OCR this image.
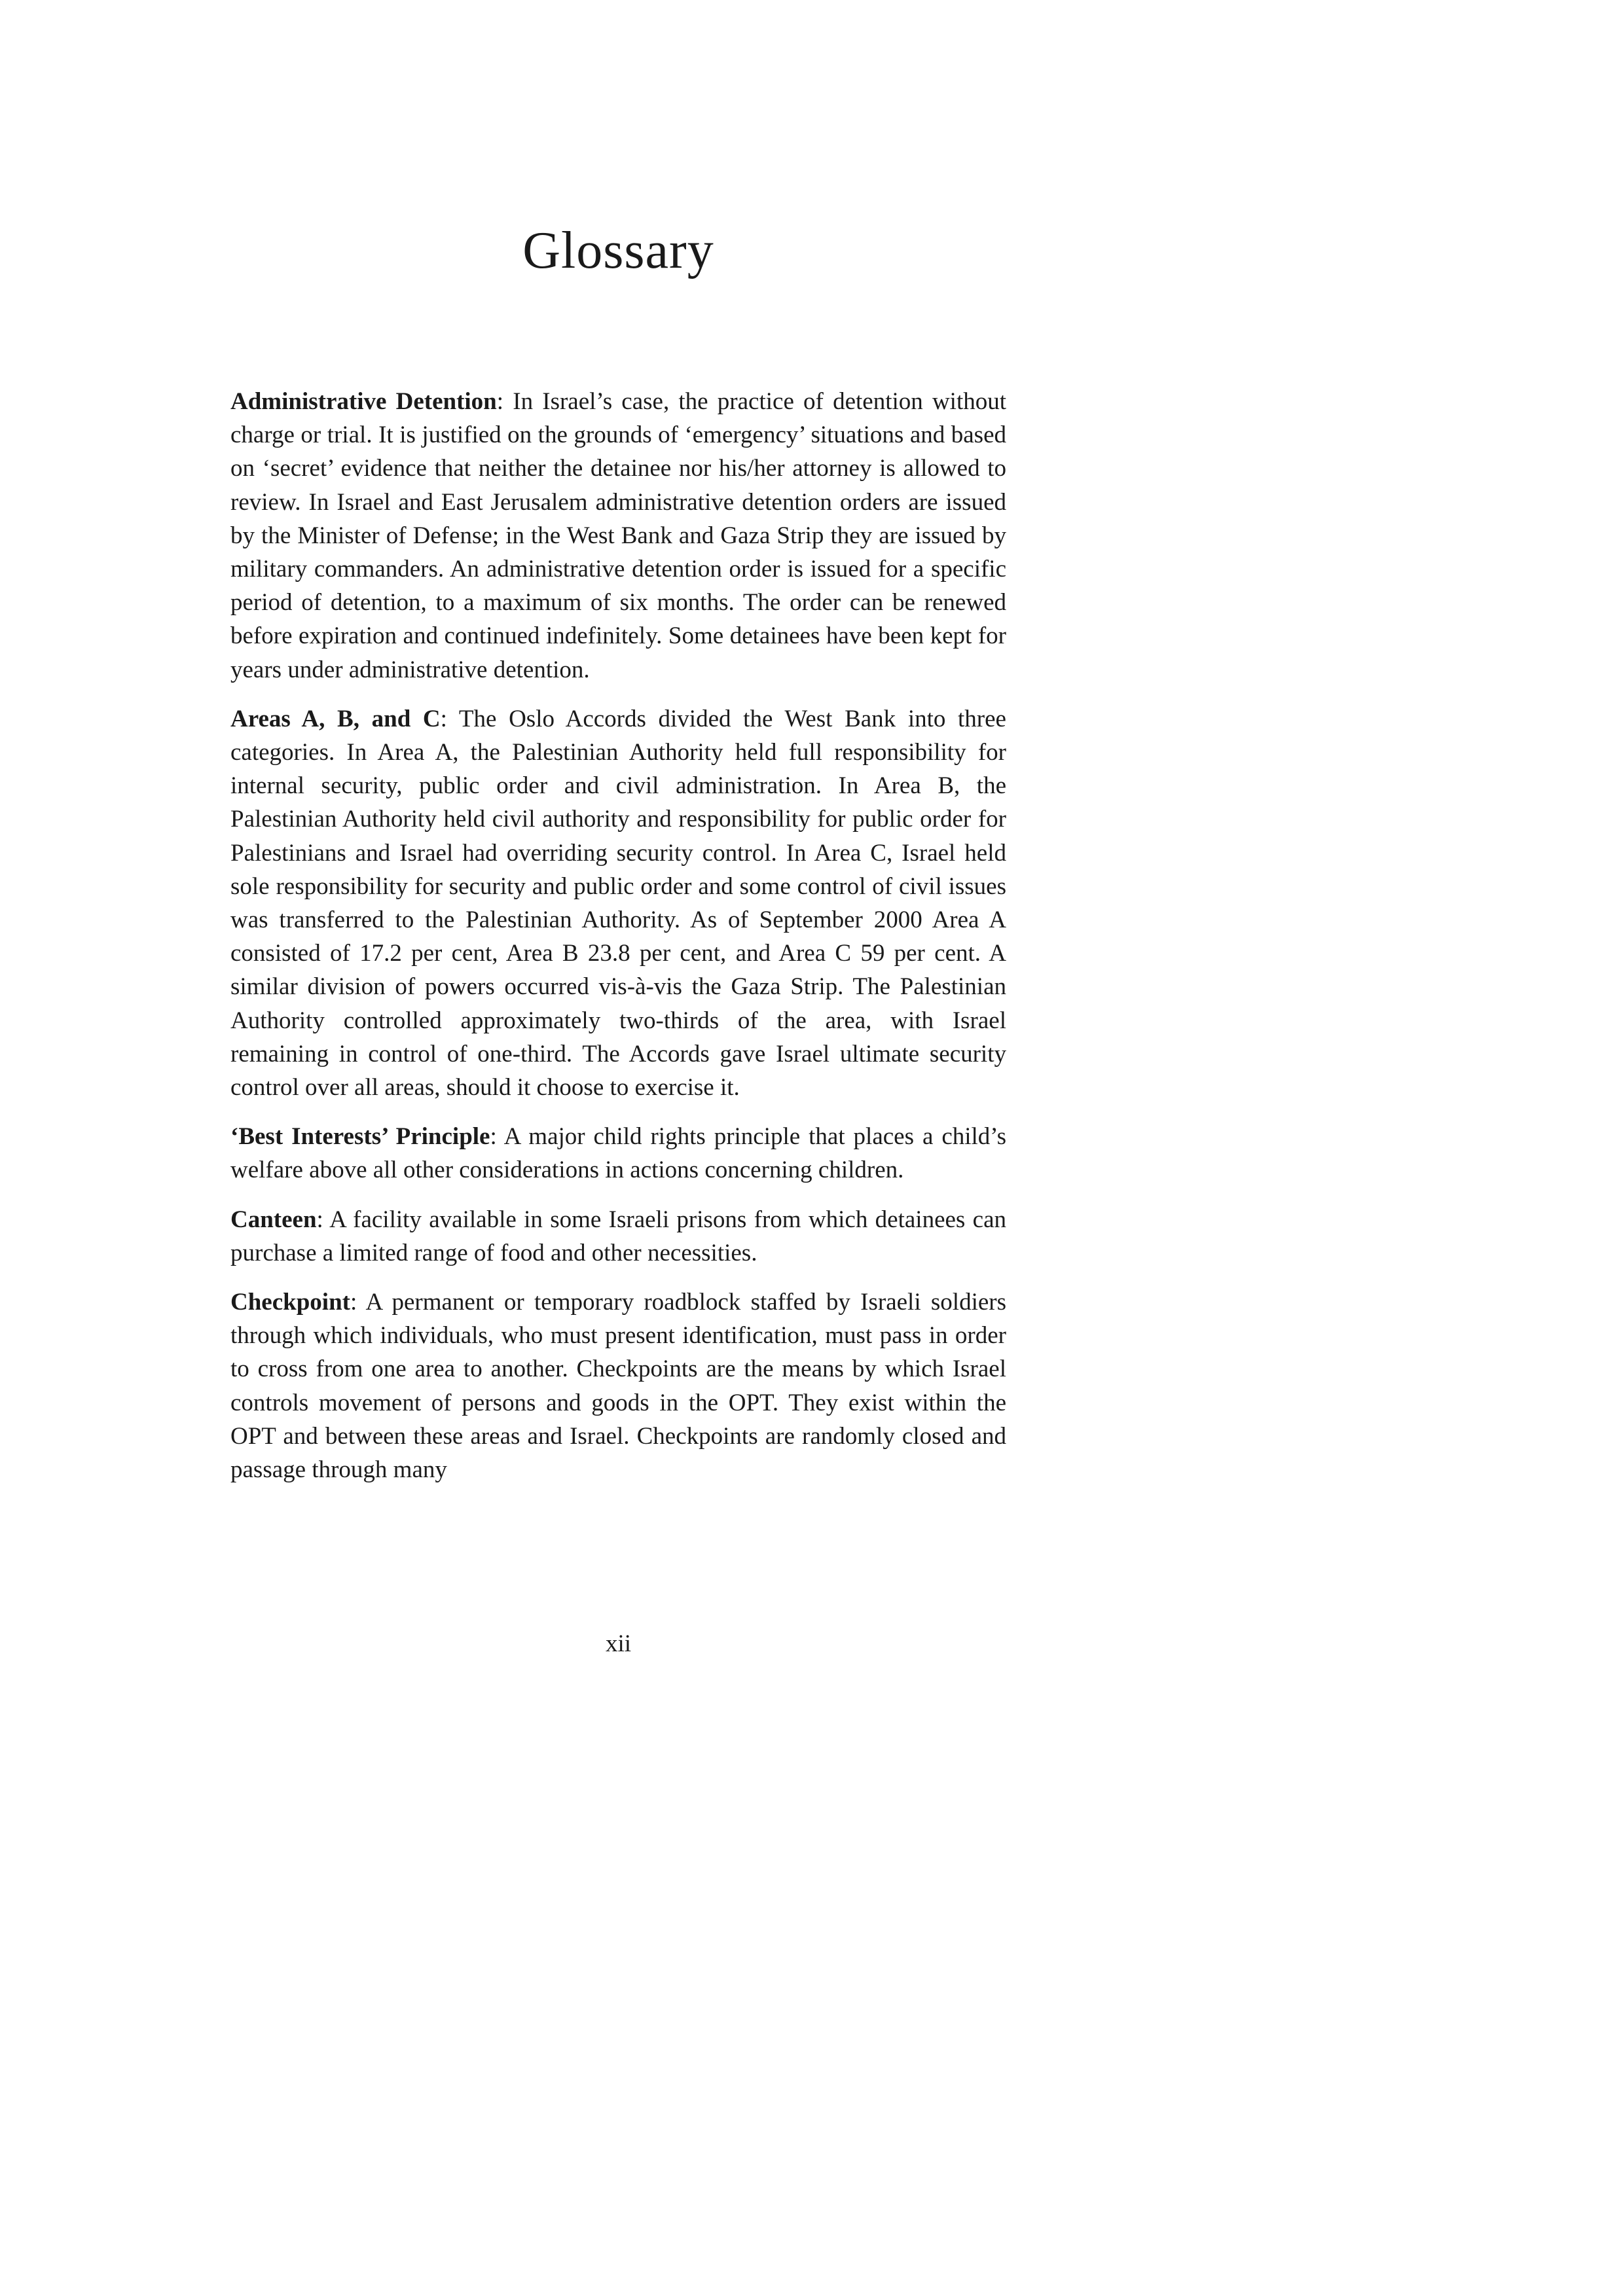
Glossary

Administrative Detention: In Israel’s case, the practice of detention without charge or trial. It is justified on the grounds of ‘emergency’ situations and based on ‘secret’ evidence that neither the detainee nor his/her attorney is allowed to review. In Israel and East Jerusalem administrative detention orders are issued by the Minister of Defense; in the West Bank and Gaza Strip they are issued by military commanders. An administrative detention order is issued for a specific period of detention, to a maximum of six months. The order can be renewed before expiration and continued indefinitely. Some detainees have been kept for years under administrative detention.

Areas A, B, and C: The Oslo Accords divided the West Bank into three categories. In Area A, the Palestinian Authority held full responsibility for internal security, public order and civil administration. In Area B, the Palestinian Authority held civil authority and responsibility for public order for Palestinians and Israel had overriding security control. In Area C, Israel held sole responsibility for security and public order and some control of civil issues was transferred to the Palestinian Authority. As of September 2000 Area A consisted of 17.2 per cent, Area B 23.8 per cent, and Area C 59 per cent. A similar division of powers occurred vis-à-vis the Gaza Strip. The Palestinian Authority controlled approximately two-thirds of the area, with Israel remaining in control of one-third. The Accords gave Israel ultimate security control over all areas, should it choose to exercise it.

‘Best Interests’ Principle: A major child rights principle that places a child’s welfare above all other considerations in actions concerning children.

Canteen: A facility available in some Israeli prisons from which detainees can purchase a limited range of food and other necessities.

Checkpoint: A permanent or temporary roadblock staffed by Israeli soldiers through which individuals, who must present identification, must pass in order to cross from one area to another. Checkpoints are the means by which Israel controls movement of persons and goods in the OPT. They exist within the OPT and between these areas and Israel. Checkpoints are randomly closed and passage through many

xii
